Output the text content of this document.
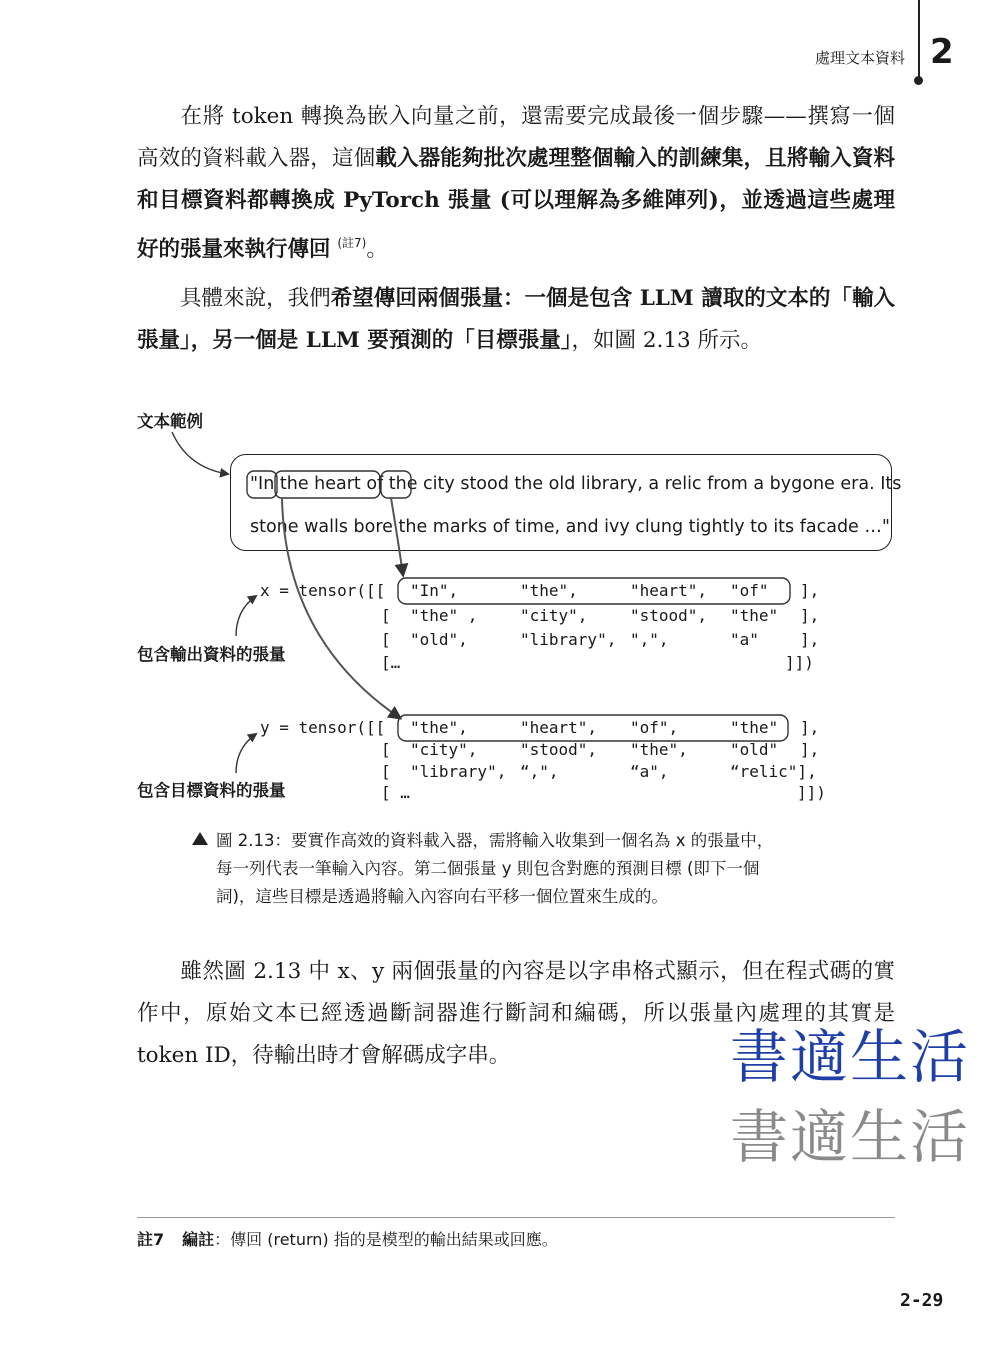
處理文本資料 2

在將 token 轉換為嵌入向量之前，還需要完成最後一個步驟——撰寫一個高效的資料載入器，這個載入器能夠批次處理整個輸入的訓練集，且將輸入資料和目標資料都轉換成 PyTorch 張量 (可以理解為多維陣列)，並透過這些處理好的張量來執行傳回 $^{(註7)}$。

具體來說，我們希望傳回兩個張量：一個是包含 LLM 讀取的文本的「輸入張量」，另一個是 LLM 要預測的「目標張量」，如圖 2.13 所示。

文本範例
"In the heart of the city stood the old library, a relic from a bygone era. Its
stone walls bore the marks of time, and ivy clung tightly to its facade …"
x = tensor([[ "In",	"the",	"heart", "of" ],
[ "the" ,	"city",	"stood", "the" ],
[ "old",	"library", ",",	"a"	],
[…	]])
包含輸出資料的張量
y = tensor([[ "the",	"heart", "of",	"the" ],
[ "city",	"stood", "the",	"old" ],
[ "library", “,",	“a",	“relic"],
[ …	]])
包含目標資料的張量
圖 2.13：要實作高效的資料載入器，需將輸入收集到一個名為 x 的張量中，
每一列代表一筆輸入內容。第二個張量 y 則包含對應的預測目標 (即下一個
詞)，這些目標是透過將輸入內容向右平移一個位置來生成的。

雖然圖 2.13 中 x、y 兩個張量的內容是以字串格式顯示，但在程式碼的實作中，原始文本已經透過斷詞器進行斷詞和編碼，所以張量內處理的其實是 token ID，待輸出時才會解碼成字串。	書適生活
書適生活
註7 編註：傳回 (return) 指的是模型的輸出結果或回應。
2-29
